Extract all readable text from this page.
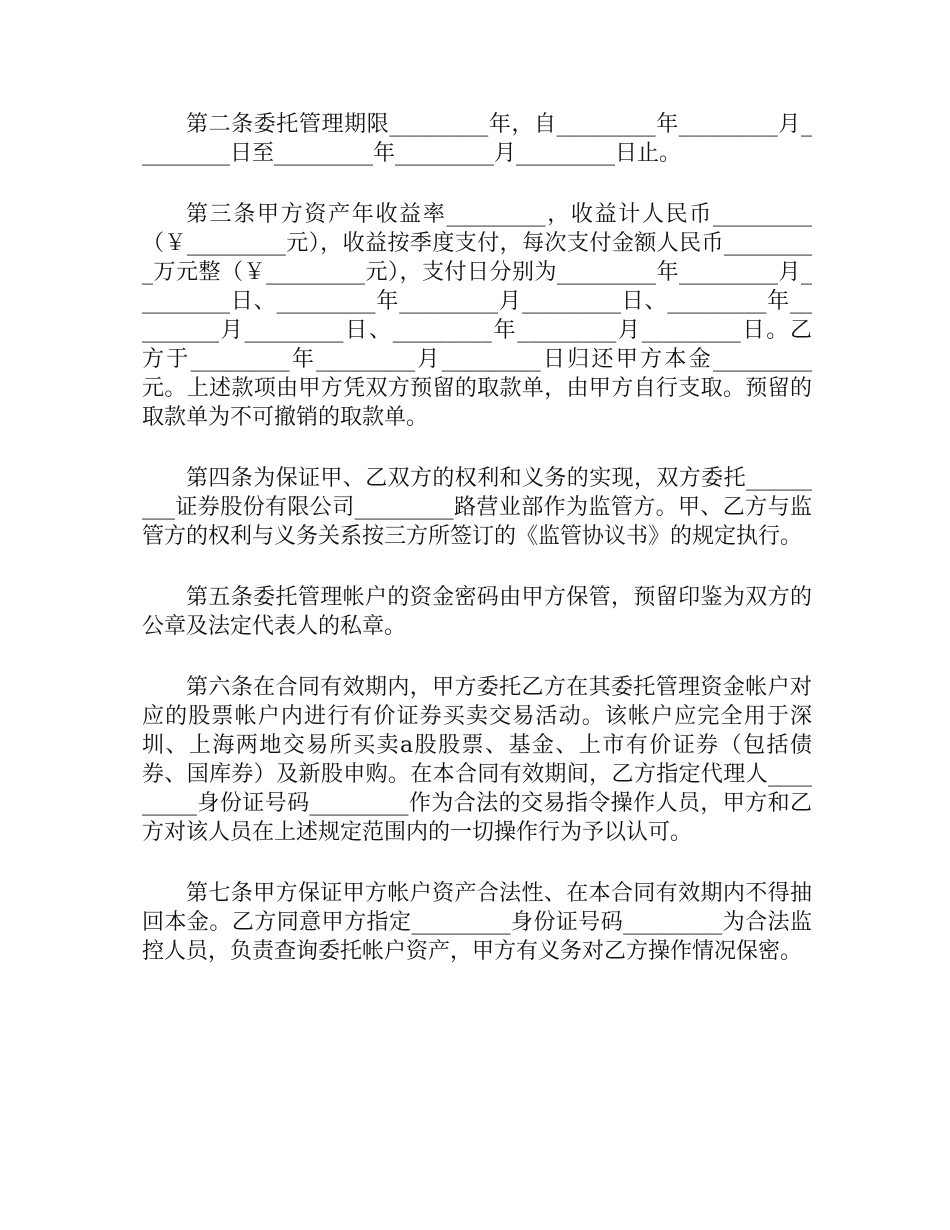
第二条委托管理期限_________年，自_________年_________月_________日至_________年_________月_________日止。

第三条甲方资产年收益率_________，收益计人民币_________（￥_________元），收益按季度支付，每次支付金额人民币_________万元整（￥_________元），支付日分别为_________年_________月_________日、_________年_________月_________日、_________年_________月_________日、_________年_________月_________日。乙方于_________年_________月_________日归还甲方本金_________元。上述款项由甲方凭双方预留的取款单，由甲方自行支取。预留的取款单为不可撤销的取款单。

第四条为保证甲、乙双方的权利和义务的实现，双方委托_________证券股份有限公司_________路营业部作为监管方。甲、乙方与监管方的权利与义务关系按三方所签订的《监管协议书》的规定执行。

第五条委托管理帐户的资金密码由甲方保管，预留印鉴为双方的公章及法定代表人的私章。

第六条在合同有效期内，甲方委托乙方在其委托管理资金帐户对应的股票帐户内进行有价证券买卖交易活动。该帐户应完全用于深圳、上海两地交易所买卖a股股票、基金、上市有价证券（包括债券、国库券）及新股申购。在本合同有效期间，乙方指定代理人_________身份证号码_________作为合法的交易指令操作人员，甲方和乙方对该人员在上述规定范围内的一切操作行为予以认可。

第七条甲方保证甲方帐户资产合法性、在本合同有效期内不得抽回本金。乙方同意甲方指定_________身份证号码_________为合法监控人员，负责查询委托帐户资产，甲方有义务对乙方操作情况保密。
